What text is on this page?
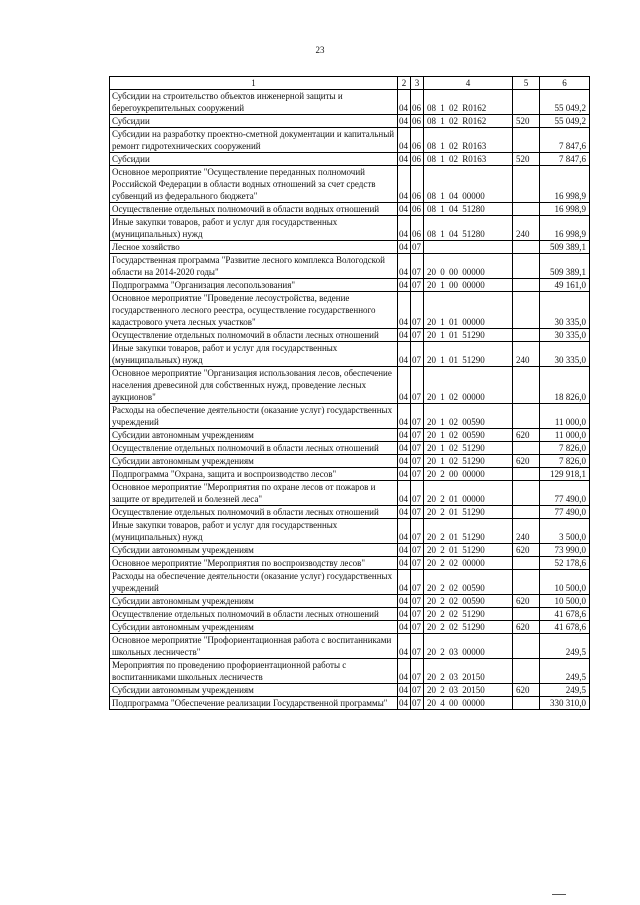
23
1	2	3	4	5	6
Субсидии на строительство объектов инженерной защиты и берегоукрепительных сооружений	04	06	08 1 02 R0162		55 049,2
Субсидии	04	06	08 1 02 R0162	520	55 049,2
Субсидии на разработку проектно-сметной документации и капитальный ремонт гидротехнических сооружений	04	06	08 1 02 R0163		7 847,6
Субсидии	04	06	08 1 02 R0163	520	7 847,6
Основное мероприятие "Осуществление переданных полномочий Российской Федерации в области водных отношений за счет средств субвенций из федерального бюджета"	04	06	08 1 04 00000		16 998,9
Осуществление отдельных полномочий в области водных отношений	04	06	08 1 04 51280		16 998,9
Иные закупки товаров, работ и услуг для государственных (муниципальных) нужд	04	06	08 1 04 51280	240	16 998,9
Лесное хозяйство	04	07			509 389,1
Государственная программа "Развитие лесного комплекса Вологодской области на 2014-2020 годы"	04	07	20 0 00 00000		509 389,1
Подпрограмма "Организация лесопользования"	04	07	20 1 00 00000		49 161,0
Основное мероприятие "Проведение лесоустройства, ведение государственного лесного реестра, осуществление государственного кадастрового учета лесных участков"	04	07	20 1 01 00000		30 335,0
Осуществление отдельных полномочий в области лесных отношений	04	07	20 1 01 51290		30 335,0
Иные закупки товаров, работ и услуг для государственных (муниципальных) нужд	04	07	20 1 01 51290	240	30 335,0
Основное мероприятие "Организация использования лесов, обеспечение населения древесиной для собственных нужд, проведение лесных аукционов"	04	07	20 1 02 00000		18 826,0
Расходы на обеспечение деятельности (оказание услуг) государственных учреждений	04	07	20 1 02 00590		11 000,0
Субсидии автономным учреждениям	04	07	20 1 02 00590	620	11 000,0
Осуществление отдельных полномочий в области лесных отношений	04	07	20 1 02 51290		7 826,0
Субсидии автономным учреждениям	04	07	20 1 02 51290	620	7 826,0
Подпрограмма "Охрана, защита и воспроизводство лесов"	04	07	20 2 00 00000		129 918,1
Основное мероприятие "Мероприятия по охране лесов от пожаров и защите от вредителей и болезней леса"	04	07	20 2 01 00000		77 490,0
Осуществление отдельных полномочий в области лесных отношений	04	07	20 2 01 51290		77 490,0
Иные закупки товаров, работ и услуг для государственных (муниципальных) нужд	04	07	20 2 01 51290	240	3 500,0
Субсидии автономным учреждениям	04	07	20 2 01 51290	620	73 990,0
Основное мероприятие "Мероприятия по воспроизводству лесов"	04	07	20 2 02 00000		52 178,6
Расходы на обеспечение деятельности (оказание услуг) государственных учреждений	04	07	20 2 02 00590		10 500,0
Субсидии автономным учреждениям	04	07	20 2 02 00590	620	10 500,0
Осуществление отдельных полномочий в области лесных отношений	04	07	20 2 02 51290		41 678,6
Субсидии автономным учреждениям	04	07	20 2 02 51290	620	41 678,6
Основное мероприятие "Профориентационная работа с воспитанниками школьных лесничеств"	04	07	20 2 03 00000		249,5
Мероприятия по проведению профориентационной работы с воспитанниками школьных лесничеств	04	07	20 2 03 20150		249,5
Субсидии автономным учреждениям	04	07	20 2 03 20150	620	249,5
Подпрограмма "Обеспечение реализации Государственной программы"	04	07	20 4 00 00000		330 310,0
